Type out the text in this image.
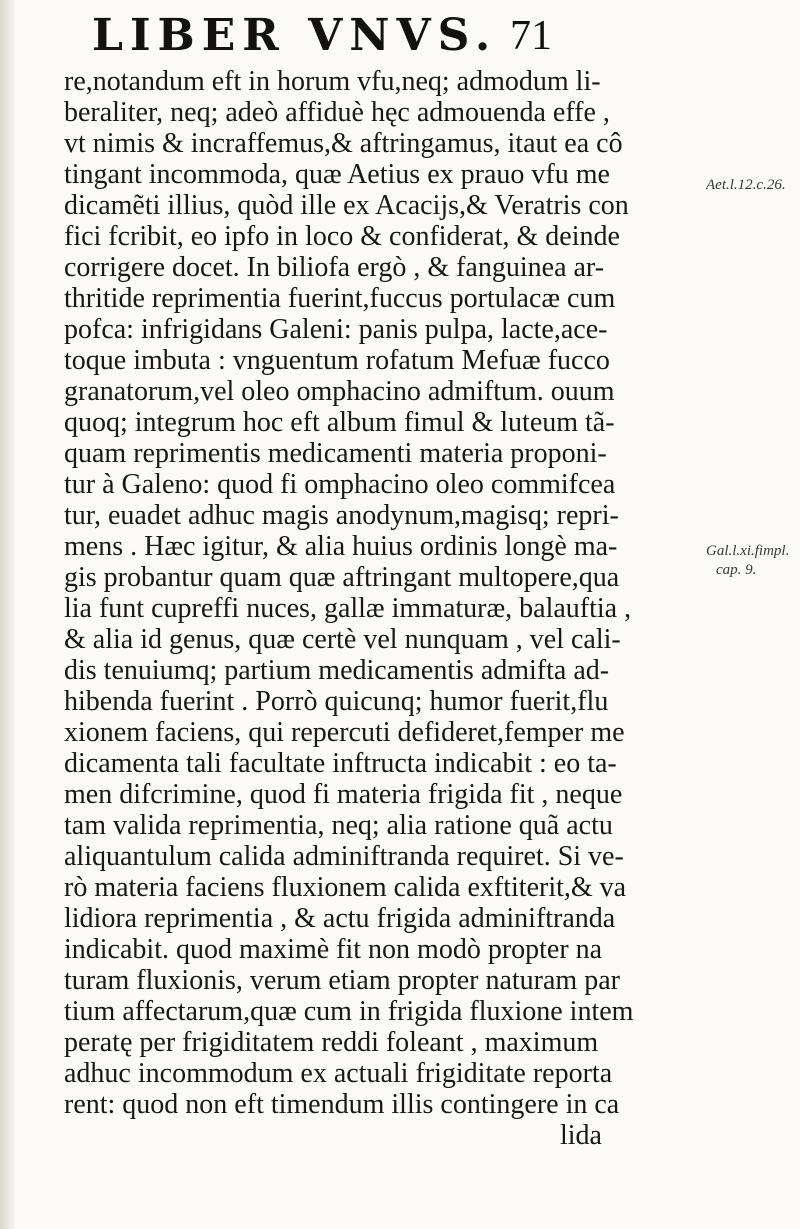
LIBER VNVS. 71
re,notandum eft in horum vfu,neq; admodum li-
beraliter, neq; adeò affiduè hęc admouenda effe ,
vt nimis & incraffemus,& aftringamus, itaut ea cô
tingant incommoda, quæ Aetius ex prauo vfu me
dicamẽti illius, quòd ille ex Acacijs,& Veratris con
fici fcribit, eo ipfo in loco & confiderat, & deinde
corrigere docet. In biliofa ergò , & fanguinea ar-
thritide reprimentia fuerint,fuccus portulacæ cum
pofca: infrigidans Galeni: panis pulpa, lacte,ace-
toque imbuta : vnguentum rofatum Mefuæ fucco
granatorum,vel oleo omphacino admiftum. ouum
quoq; integrum hoc eft album fimul & luteum tã-
quam reprimentis medicamenti materia proponi-
tur à Galeno: quod fi omphacino oleo commifcea
tur, euadet adhuc magis anodynum,magisq; repri-
mens . Hæc igitur, & alia huius ordinis longè ma-
gis probantur quam quæ aftringant multopere,qua
lia funt cupreffi nuces, gallæ immaturæ, balauftia ,
& alia id genus, quæ certè vel nunquam , vel cali-
dis tenuiumq; partium medicamentis admifta ad-
hibenda fuerint . Porrò quicunq; humor fuerit,flu
xionem faciens, qui repercuti defideret,femper me
dicamenta tali facultate inftructa indicabit : eo ta-
men difcrimine, quod fi materia frigida fit , neque
tam valida reprimentia, neq; alia ratione quã actu
aliquantulum calida adminiftranda requiret. Si ve-
rò materia faciens fluxionem calida exftiterit,& va
lidiora reprimentia , & actu frigida adminiftranda
indicabit. quod maximè fit non modò propter na
turam fluxionis, verum etiam propter naturam par
tium affectarum,quæ cum in frigida fluxione intem
peratę per frigiditatem reddi foleant , maximum
adhuc incommodum ex actuali frigiditate reporta
rent: quod non eft timendum illis contingere in ca
lida
Aet.l.12.c.26.
Gal.l.xi.fimpl.
cap. 9.
